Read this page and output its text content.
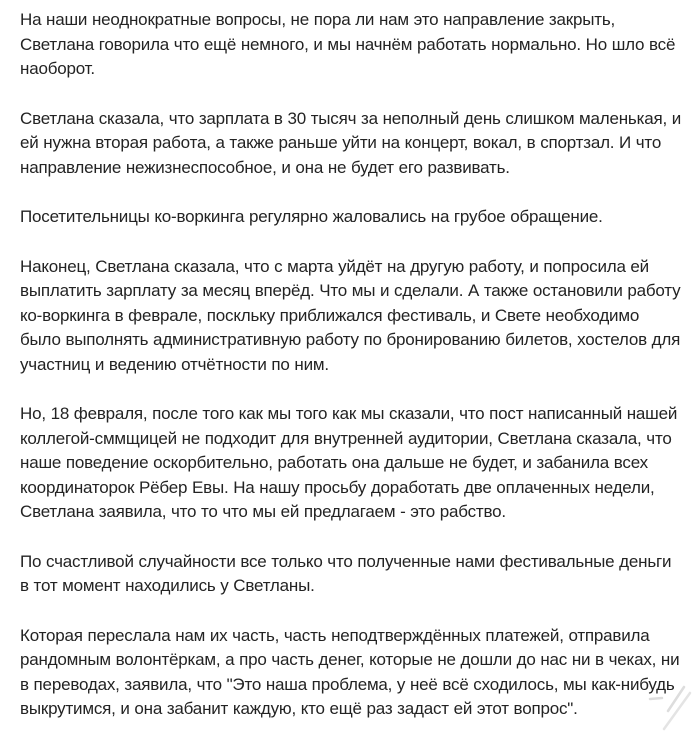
На наши неоднократные вопросы, не пора ли нам это направление закрыть, Светлана говорила что ещё немного, и мы начнём работать нормально. Но шло всё наоборот.

Светлана сказала, что зарплата в 30 тысяч за неполный день слишком маленькая, и ей нужна вторая работа, а также раньше уйти на концерт, вокал, в спортзал. И что направление нежизнеспособное, и она не будет его развивать.

Посетительницы ко-воркинга регулярно жаловались на грубое обращение.

Наконец, Светлана сказала, что с марта уйдёт на другую работу, и попросила ей выплатить зарплату за месяц вперёд. Что мы и сделали. А также остановили работу ко-воркинга в феврале, поскльку приближался фестиваль, и Свете необходимо было выполнять административную работу по бронированию билетов, хостелов для участниц и ведению отчётности по ним.

Но, 18 февраля, после того как мы того как мы сказали, что пост написанный нашей коллегой-сммщицей не подходит для внутренней аудитории, Светлана сказала, что наше поведение оскорбительно, работать она дальше не будет, и забанила всех координаторок Рёбер Евы. На нашу просьбу доработать две оплаченных недели, Светлана заявила, что то что мы ей предлагаем - это рабство.

По счастливой случайности все только что полученные нами фестивальные деньги в тот момент находились у Светланы.

Которая переслала нам их часть, часть неподтверждённых платежей, отправила рандомным волонтёркам, а про часть денег, которые не дошли до нас ни в чеках, ни в переводах, заявила, что "Это наша проблема, у неё всё сходилось, мы как-нибудь выкрутимся, и она забанит каждую, кто ещё раз задаст ей этот вопрос".
